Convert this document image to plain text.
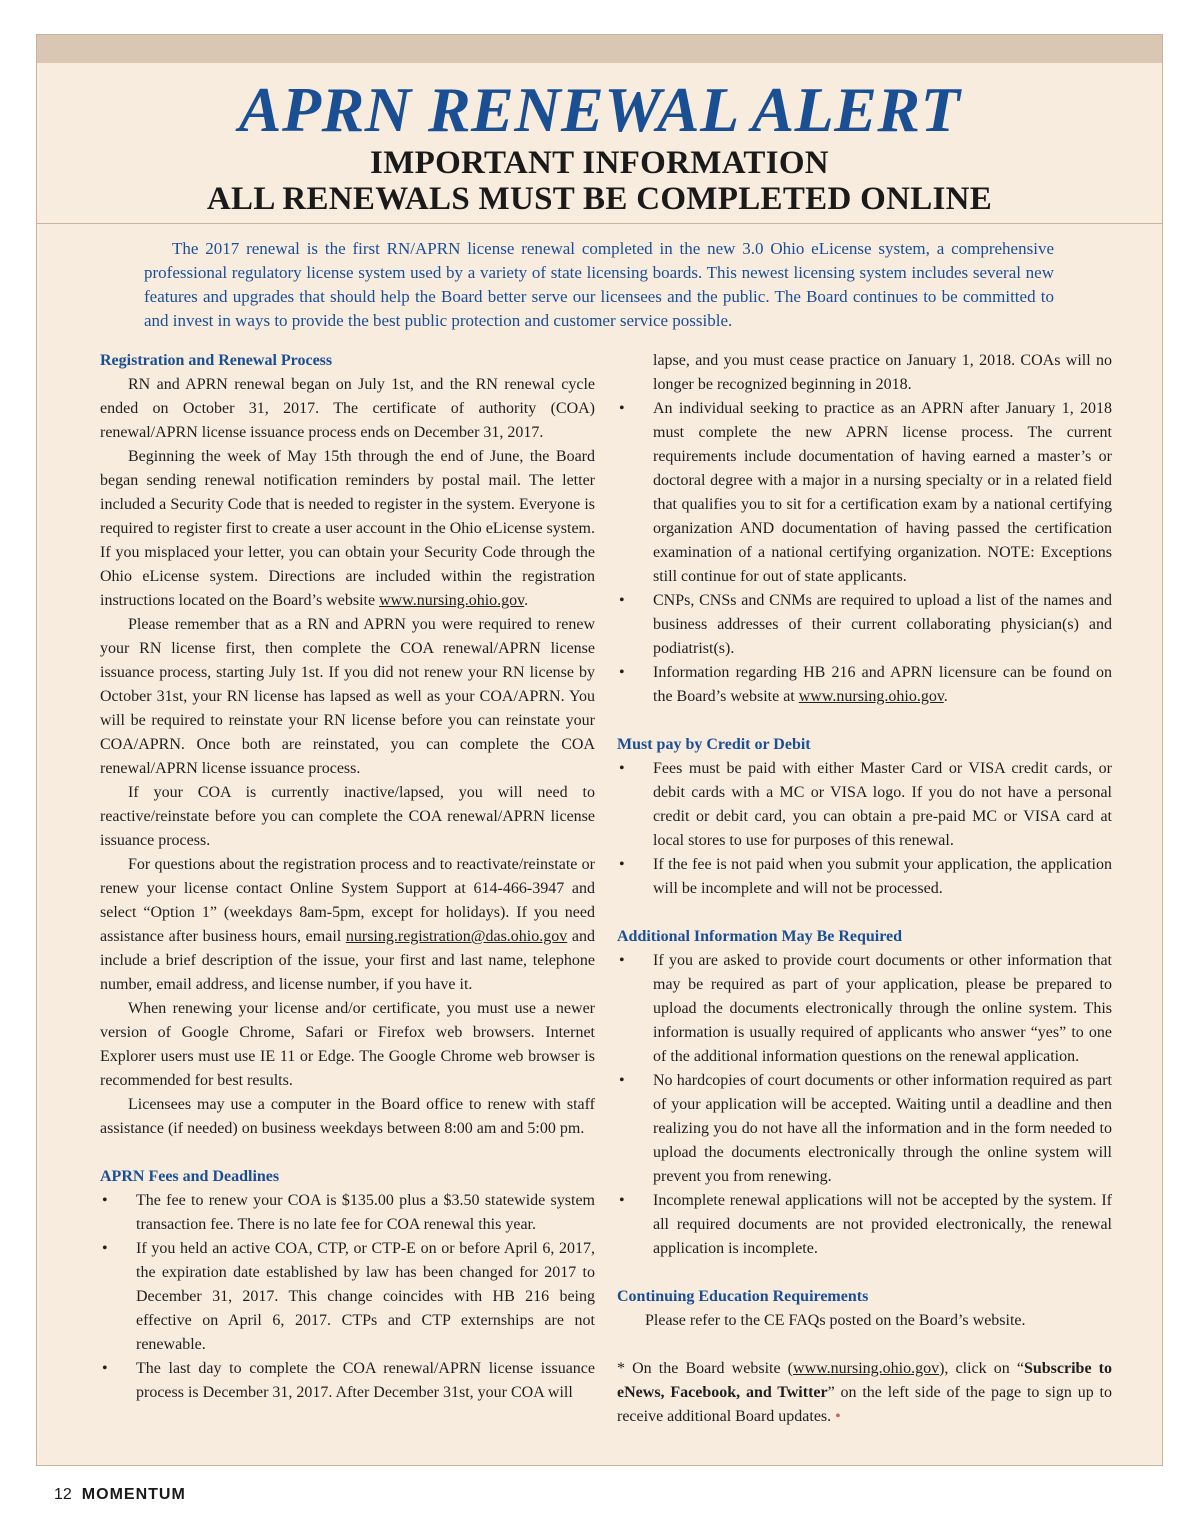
APRN RENEWAL ALERT
IMPORTANT INFORMATION
ALL RENEWALS MUST BE COMPLETED ONLINE
The 2017 renewal is the first RN/APRN license renewal completed in the new 3.0 Ohio eLicense system, a comprehensive professional regulatory license system used by a variety of state licensing boards. This newest licensing system includes several new features and upgrades that should help the Board better serve our licensees and the public. The Board continues to be committed to and invest in ways to provide the best public protection and customer service possible.
Registration and Renewal Process

RN and APRN renewal began on July 1st, and the RN renewal cycle ended on October 31, 2017. The certificate of authority (COA) renewal/APRN license issuance process ends on December 31, 2017.

Beginning the week of May 15th through the end of June, the Board began sending renewal notification reminders by postal mail. The letter included a Security Code that is needed to register in the system. Everyone is required to register first to create a user account in the Ohio eLicense system. If you misplaced your letter, you can obtain your Security Code through the Ohio eLicense system. Directions are included within the registration instructions located on the Board’s website www.nursing.ohio.gov.

Please remember that as a RN and APRN you were required to renew your RN license first, then complete the COA renewal/APRN license issuance process, starting July 1st. If you did not renew your RN license by October 31st, your RN license has lapsed as well as your COA/APRN. You will be required to reinstate your RN license before you can reinstate your COA/APRN. Once both are reinstated, you can complete the COA renewal/APRN license issuance process.

If your COA is currently inactive/lapsed, you will need to reactive/reinstate before you can complete the COA renewal/APRN license issuance process.

For questions about the registration process and to reactivate/reinstate or renew your license contact Online System Support at 614-466-3947 and select “Option 1” (weekdays 8am-5pm, except for holidays). If you need assistance after business hours, email nursing.registration@das.ohio.gov and include a brief description of the issue, your first and last name, telephone number, email address, and license number, if you have it.

When renewing your license and/or certificate, you must use a newer version of Google Chrome, Safari or Firefox web browsers. Internet Explorer users must use IE 11 or Edge. The Google Chrome web browser is recommended for best results.

Licensees may use a computer in the Board office to renew with staff assistance (if needed) on business weekdays between 8:00 am and 5:00 pm.

APRN Fees and Deadlines
•
The fee to renew your COA is $135.00 plus a $3.50 statewide system transaction fee. There is no late fee for COA renewal this year.
•
If you held an active COA, CTP, or CTP-E on or before April 6, 2017, the expiration date established by law has been changed for 2017 to December 31, 2017. This change coincides with HB 216 being effective on April 6, 2017. CTPs and CTP externships are not renewable.
•
The last day to complete the COA renewal/APRN license issuance process is December 31, 2017. After December 31st, your COA will
lapse, and you must cease practice on January 1, 2018. COAs will no longer be recognized beginning in 2018.
•
An individual seeking to practice as an APRN after January 1, 2018 must complete the new APRN license process. The current requirements include documentation of having earned a master’s or doctoral degree with a major in a nursing specialty or in a related field that qualifies you to sit for a certification exam by a national certifying organization AND documentation of having passed the certification examination of a national certifying organization. NOTE: Exceptions still continue for out of state applicants.
•
CNPs, CNSs and CNMs are required to upload a list of the names and business addresses of their current collaborating physician(s) and podiatrist(s).
•
Information regarding HB 216 and APRN licensure can be found on the Board’s website at www.nursing.ohio.gov.
Must pay by Credit or Debit
•
Fees must be paid with either Master Card or VISA credit cards, or debit cards with a MC or VISA logo. If you do not have a personal credit or debit card, you can obtain a pre-paid MC or VISA card at local stores to use for purposes of this renewal.
•
If the fee is not paid when you submit your application, the application will be incomplete and will not be processed.
Additional Information May Be Required
•
If you are asked to provide court documents or other information that may be required as part of your application, please be prepared to upload the documents electronically through the online system. This information is usually required of applicants who answer “yes” to one of the additional information questions on the renewal application.
•
No hardcopies of court documents or other information required as part of your application will be accepted. Waiting until a deadline and then realizing you do not have all the information and in the form needed to upload the documents electronically through the online system will prevent you from renewing.
•
Incomplete renewal applications will not be accepted by the system. If all required documents are not provided electronically, the renewal application is incomplete.
Continuing Education Requirements

Please refer to the CE FAQs posted on the Board’s website.

* On the Board website (www.nursing.ohio.gov), click on “Subscribe to eNews, Facebook, and Twitter” on the left side of the page to sign up to receive additional Board updates. •

12 MOMENTUM
